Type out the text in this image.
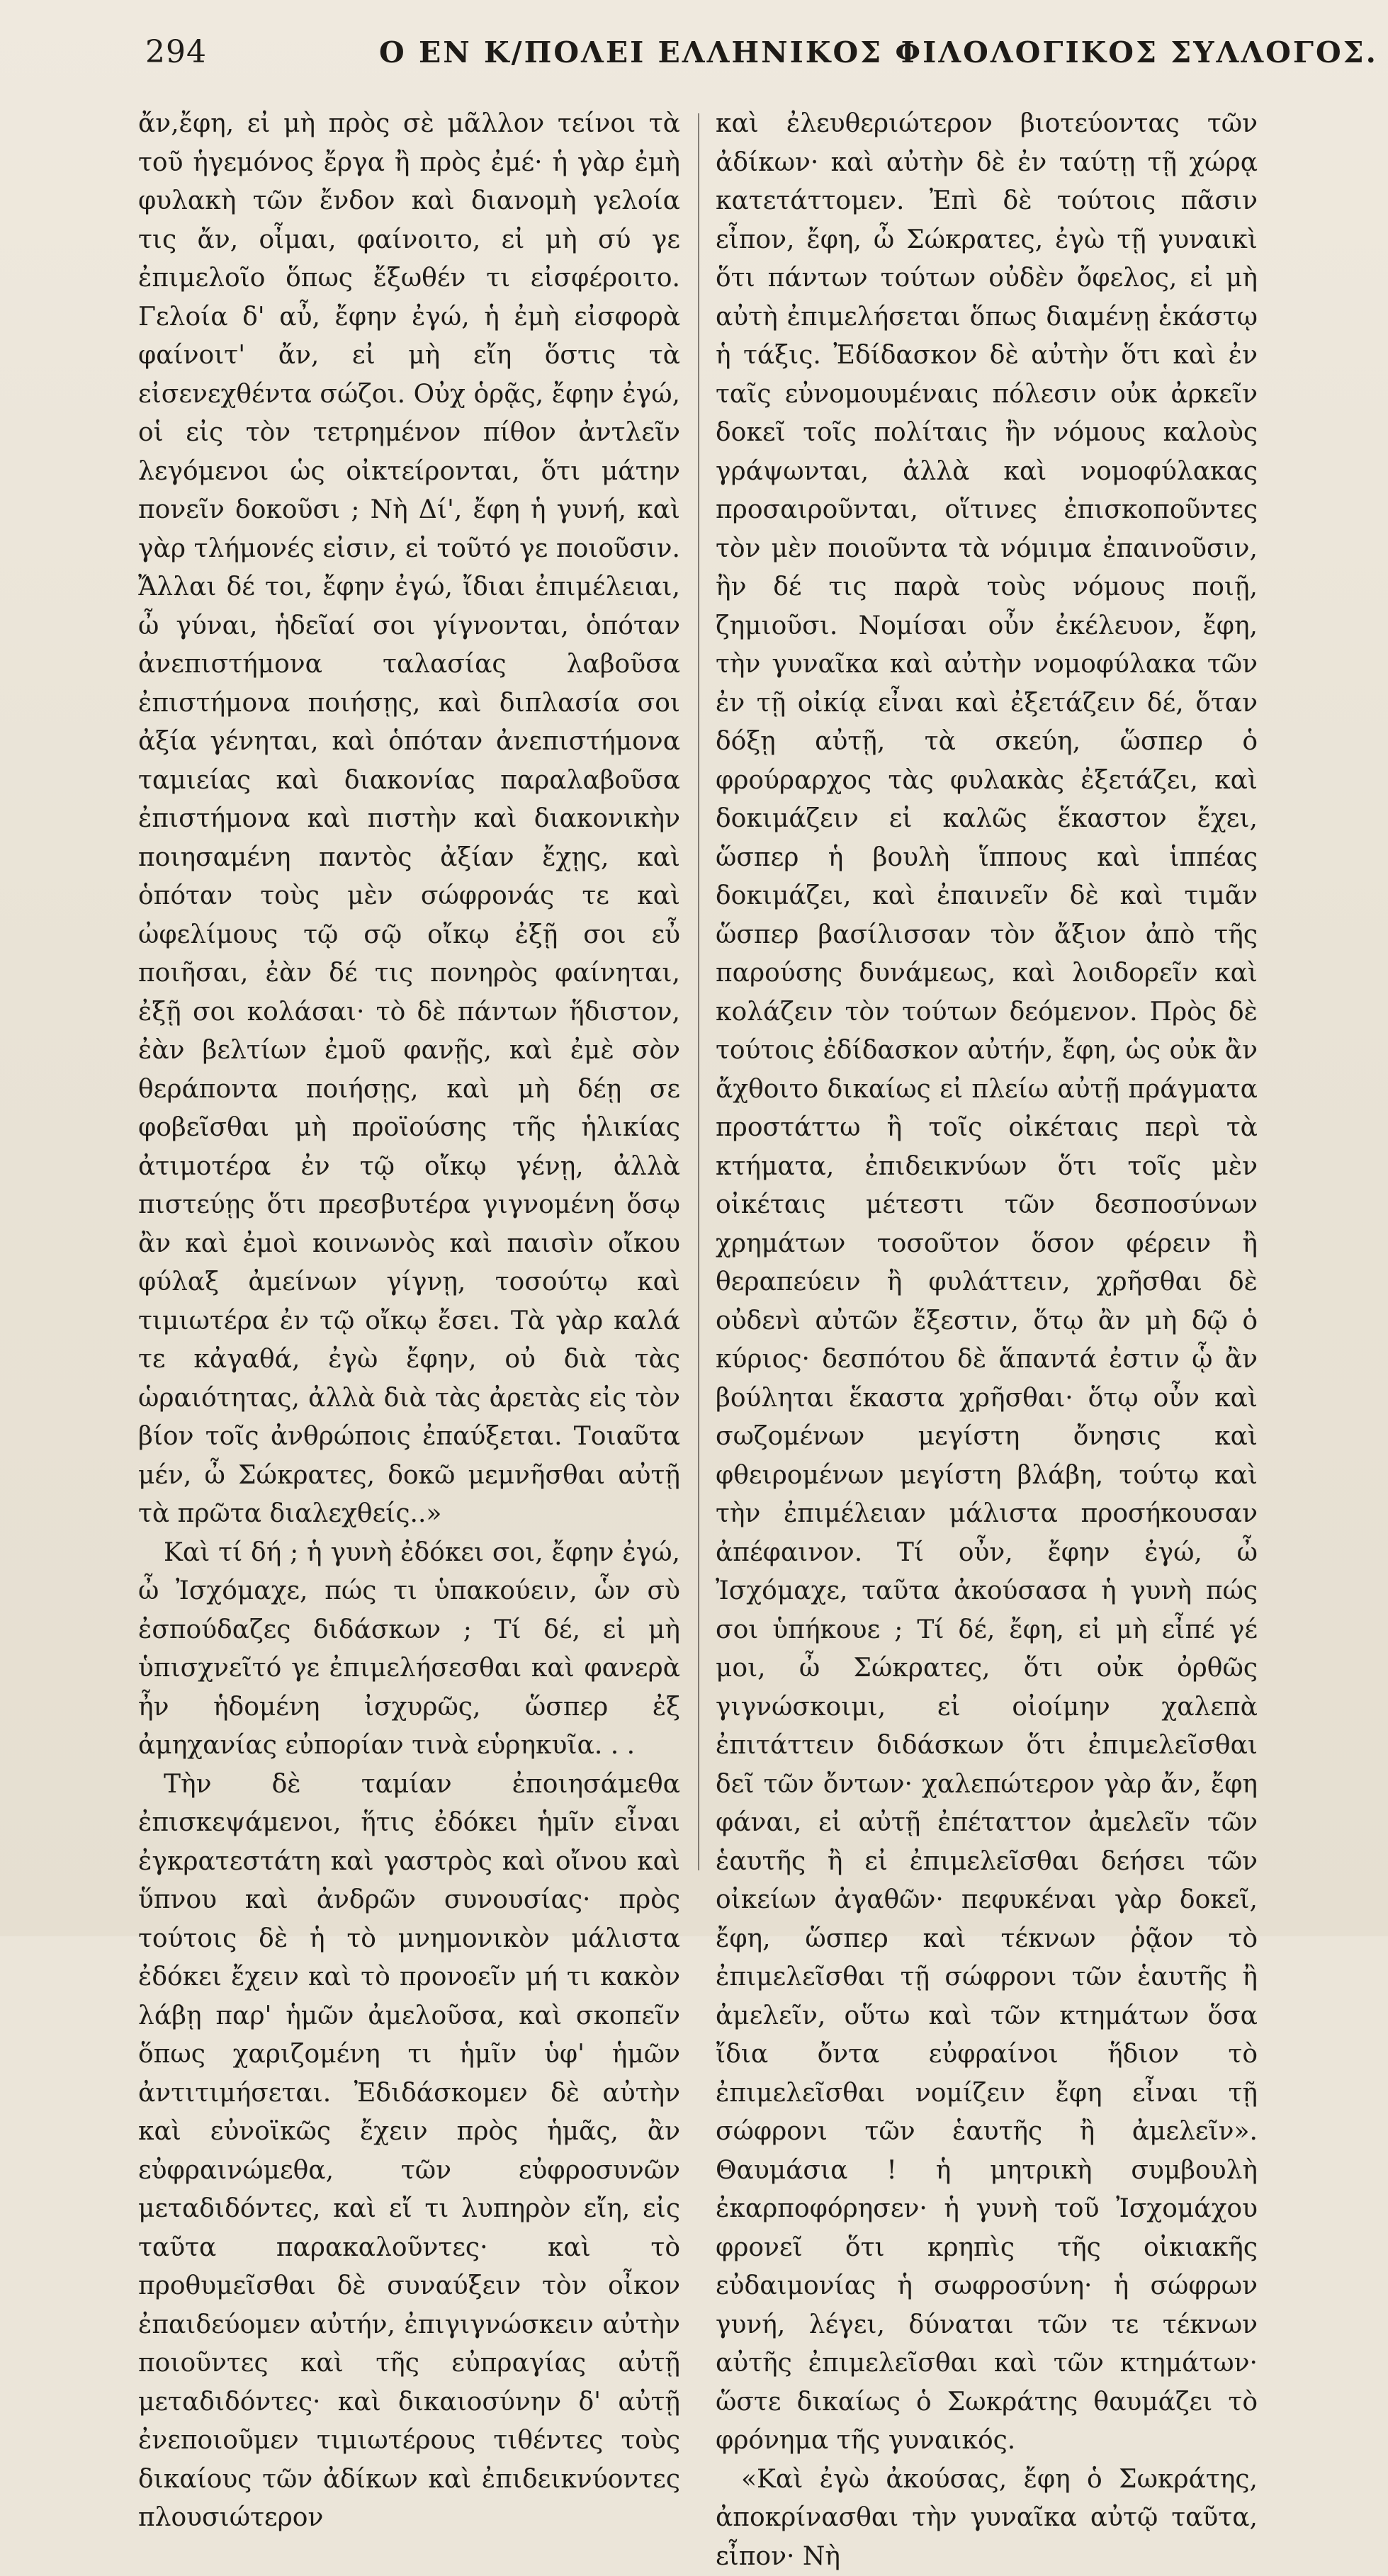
294	Ο ΕΝ Κ/ΠΟΛΕΙ ΕΛΛΗΝΙΚΟΣ ΦΙΛΟΛΟΓΙΚΟΣ ΣΥΛΛΟΓΟΣ.

ἄν,ἔφη, εἰ μὴ πρὸς σὲ μᾶλλον τείνοι τὰ τοῦ ἡγεμόνος ἔργα ἢ πρὸς ἐμέ· ἡ γὰρ ἐμὴ φυλακὴ τῶν ἔνδον καὶ διανομὴ γελοία τις ἄν, οἶμαι, φαίνοιτο, εἰ μὴ σύ γε ἐπιμελοῖο ὅπως ἔξωθέν τι εἰσφέροιτο. Γελοία δ' αὖ, ἔφην ἐγώ, ἡ ἐμὴ εἰσφορὰ φαίνοιτ' ἄν, εἰ μὴ εἴη ὅστις τὰ εἰσενεχθέντα σώζοι. Οὐχ ὁρᾷς, ἔφην ἐγώ, οἱ εἰς τὸν τετρημένον πίθον ἀντλεῖν λεγόμενοι ὡς οἰκτείρονται, ὅτι μάτην πονεῖν δοκοῦσι ; Νὴ Δί', ἔφη ἡ γυνή, καὶ γὰρ τλήμονές εἰσιν, εἰ τοῦτό γε ποιοῦσιν. Ἄλλαι δέ τοι, ἔφην ἐγώ, ἴδιαι ἐπιμέλειαι, ὦ γύναι, ἡδεῖαί σοι γίγνονται, ὁπόταν ἀνεπιστήμονα ταλασίας λαβοῦσα ἐπιστήμονα ποιήσῃς, καὶ διπλασία σοι ἀξία γένηται, καὶ ὁπόταν ἀνεπιστήμονα ταμιείας καὶ διακονίας παραλαβοῦσα ἐπιστήμονα καὶ πιστὴν καὶ διακονικὴν ποιησαμένη παντὸς ἀξίαν ἔχῃς, καὶ ὁπόταν τοὺς μὲν σώφρονάς τε καὶ ὠφελίμους τῷ σῷ οἴκῳ ἐξῇ σοι εὖ ποιῆσαι, ἐὰν δέ τις πονηρὸς φαίνηται, ἐξῇ σοι κολάσαι· τὸ δὲ πάντων ἥδιστον, ἐὰν βελτίων ἐμοῦ φανῇς, καὶ ἐμὲ σὸν θεράποντα ποιήσῃς, καὶ μὴ δέῃ σε φοβεῖσθαι μὴ προϊούσης τῆς ἡλικίας ἀτιμοτέρα ἐν τῷ οἴκῳ γένῃ, ἀλλὰ πιστεύῃς ὅτι πρεσβυτέρα γιγνομένη ὅσῳ ἂν καὶ ἐμοὶ κοινωνὸς καὶ παισὶν οἴκου φύλαξ ἀμείνων γίγνῃ, τοσούτῳ καὶ τιμιωτέρα ἐν τῷ οἴκῳ ἔσει. Τὰ γὰρ καλά τε κἀγαθά, ἐγὼ ἔφην, οὐ διὰ τὰς ὡραιότητας, ἀλλὰ διὰ τὰς ἀρετὰς εἰς τὸν βίον τοῖς ἀνθρώποις ἐπαύξεται. Τοιαῦτα μέν, ὦ Σώκρατες, δοκῶ μεμνῆσθαι αὐτῇ τὰ πρῶτα διαλεχθείς..»

Καὶ τί δή ; ἡ γυνὴ ἐδόκει σοι, ἔφην ἐγώ, ὦ Ἰσχόμαχε, πώς τι ὑπακούειν, ὧν σὺ ἐσπούδαζες διδάσκων ; Τί δέ, εἰ μὴ ὑπισχνεῖτό γε ἐπιμελήσεσθαι καὶ φανερὰ ἦν ἡδομένη ἰσχυρῶς, ὥσπερ ἐξ ἀμηχανίας εὐπορίαν τινὰ εὑρηκυῖα. . .

Τὴν δὲ ταμίαν ἐποιησάμεθα ἐπισκεψάμενοι, ἥτις ἐδόκει ἡμῖν εἶναι ἐγκρατεστάτη καὶ γαστρὸς καὶ οἴνου καὶ ὕπνου καὶ ἀνδρῶν συνουσίας· πρὸς τούτοις δὲ ἡ τὸ μνημονικὸν μάλιστα ἐδόκει ἔχειν καὶ τὸ προνοεῖν μή τι κακὸν λάβῃ παρ' ἡμῶν ἀμελοῦσα, καὶ σκοπεῖν ὅπως χαριζομένη τι ἡμῖν ὑφ' ἡμῶν ἀντιτιμήσεται. Ἐδιδάσκομεν δὲ αὐτὴν καὶ εὐνοϊκῶς ἔχειν πρὸς ἡμᾶς, ἂν εὐφραινώμεθα, τῶν εὐφροσυνῶν μεταδιδόντες, καὶ εἴ τι λυπηρὸν εἴη, εἰς ταῦτα παρακαλοῦντες· καὶ τὸ προθυμεῖσθαι δὲ συναύξειν τὸν οἶκον ἐπαιδεύομεν αὐτήν, ἐπιγιγνώσκειν αὐτὴν ποιοῦντες καὶ τῆς εὐπραγίας αὐτῇ μεταδιδόντες· καὶ δικαιοσύνην δ' αὐτῇ ἐνεποιοῦμεν τιμιωτέρους τιθέντες τοὺς δικαίους τῶν ἀδίκων καὶ ἐπιδεικνύοντες πλουσιώτερον

καὶ ἐλευθεριώτερον βιοτεύοντας τῶν ἀδίκων· καὶ αὐτὴν δὲ ἐν ταύτῃ τῇ χώρᾳ κατετάττομεν. Ἐπὶ δὲ τούτοις πᾶσιν εἶπον, ἔφη, ὦ Σώκρατες, ἐγὼ τῇ γυναικὶ ὅτι πάντων τούτων οὐδὲν ὄφελος, εἰ μὴ αὐτὴ ἐπιμελήσεται ὅπως διαμένῃ ἑκάστῳ ἡ τάξις. Ἐδίδασκον δὲ αὐτὴν ὅτι καὶ ἐν ταῖς εὐνομουμέναις πόλεσιν οὐκ ἀρκεῖν δοκεῖ τοῖς πολίταις ἢν νόμους καλοὺς γράψωνται, ἀλλὰ καὶ νομοφύλακας προσαιροῦνται, οἵτινες ἐπισκοποῦντες τὸν μὲν ποιοῦντα τὰ νόμιμα ἐπαινοῦσιν, ἢν δέ τις παρὰ τοὺς νόμους ποιῇ, ζημιοῦσι. Νομίσαι οὖν ἐκέλευον, ἔφη, τὴν γυναῖκα καὶ αὐτὴν νομοφύλακα τῶν ἐν τῇ οἰκίᾳ εἶναι καὶ ἐξετάζειν δέ, ὅταν δόξῃ αὐτῇ, τὰ σκεύη, ὥσπερ ὁ φρούραρχος τὰς φυλακὰς ἐξετάζει, καὶ δοκιμάζειν εἰ καλῶς ἕκαστον ἔχει, ὥσπερ ἡ βουλὴ ἵππους καὶ ἱππέας δοκιμάζει, καὶ ἐπαινεῖν δὲ καὶ τιμᾶν ὥσπερ βασίλισσαν τὸν ἄξιον ἀπὸ τῆς παρούσης δυνάμεως, καὶ λοιδορεῖν καὶ κολάζειν τὸν τούτων δεόμενον. Πρὸς δὲ τούτοις ἐδίδασκον αὐτήν, ἔφη, ὡς οὐκ ἂν ἄχθοιτο δικαίως εἰ πλείω αὐτῇ πράγματα προστάττω ἢ τοῖς οἰκέταις περὶ τὰ κτήματα, ἐπιδεικνύων ὅτι τοῖς μὲν οἰκέταις μέτεστι τῶν δεσποσύνων χρημάτων τοσοῦτον ὅσον φέρειν ἢ θεραπεύειν ἢ φυλάττειν, χρῆσθαι δὲ οὐδενὶ αὐτῶν ἔξεστιν, ὅτῳ ἂν μὴ δῷ ὁ κύριος· δεσπότου δὲ ἅπαντά ἐστιν ᾧ ἂν βούληται ἕκαστα χρῆσθαι· ὅτῳ οὖν καὶ σωζομένων μεγίστη ὄνησις καὶ φθειρομένων μεγίστη βλάβη, τούτῳ καὶ τὴν ἐπιμέλειαν μάλιστα προσήκουσαν ἀπέφαινον. Τί οὖν, ἔφην ἐγώ, ὦ Ἰσχόμαχε, ταῦτα ἀκούσασα ἡ γυνὴ πώς σοι ὑπήκουε ; Τί δέ, ἔφη, εἰ μὴ εἶπέ γέ μοι, ὦ Σώκρατες, ὅτι οὐκ ὀρθῶς γιγνώσκοιμι, εἰ οἰοίμην χαλεπὰ ἐπιτάττειν διδάσκων ὅτι ἐπιμελεῖσθαι δεῖ τῶν ὄντων· χαλεπώτερον γὰρ ἄν, ἔφη φάναι, εἰ αὐτῇ ἐπέταττον ἀμελεῖν τῶν ἑαυτῆς ἢ εἰ ἐπιμελεῖσθαι δεήσει τῶν οἰκείων ἀγαθῶν· πεφυκέναι γὰρ δοκεῖ, ἔφη, ὥσπερ καὶ τέκνων ῥᾷον τὸ ἐπιμελεῖσθαι τῇ σώφρονι τῶν ἑαυτῆς ἢ ἀμελεῖν, οὕτω καὶ τῶν κτημάτων ὅσα ἴδια ὄντα εὐφραίνοι ἥδιον τὸ ἐπιμελεῖσθαι νομίζειν ἔφη εἶναι τῇ σώφρονι τῶν ἑαυτῆς ἢ ἀμελεῖν». Θαυμάσια ! ἡ μητρικὴ συμβουλὴ ἐκαρποφόρησεν· ἡ γυνὴ τοῦ Ἰσχομάχου φρονεῖ ὅτι κρηπὶς τῆς οἰκιακῆς εὐδαιμονίας ἡ σωφροσύνη· ἡ σώφρων γυνή, λέγει, δύναται τῶν τε τέκνων αὐτῆς ἐπιμελεῖσθαι καὶ τῶν κτημάτων· ὥστε δικαίως ὁ Σωκράτης θαυμάζει τὸ φρόνημα τῆς γυναικός.

«Καὶ ἐγὼ ἀκούσας, ἔφη ὁ Σωκράτης, ἀποκρίνασθαι τὴν γυναῖκα αὐτῷ ταῦτα, εἶπον· Νὴ
